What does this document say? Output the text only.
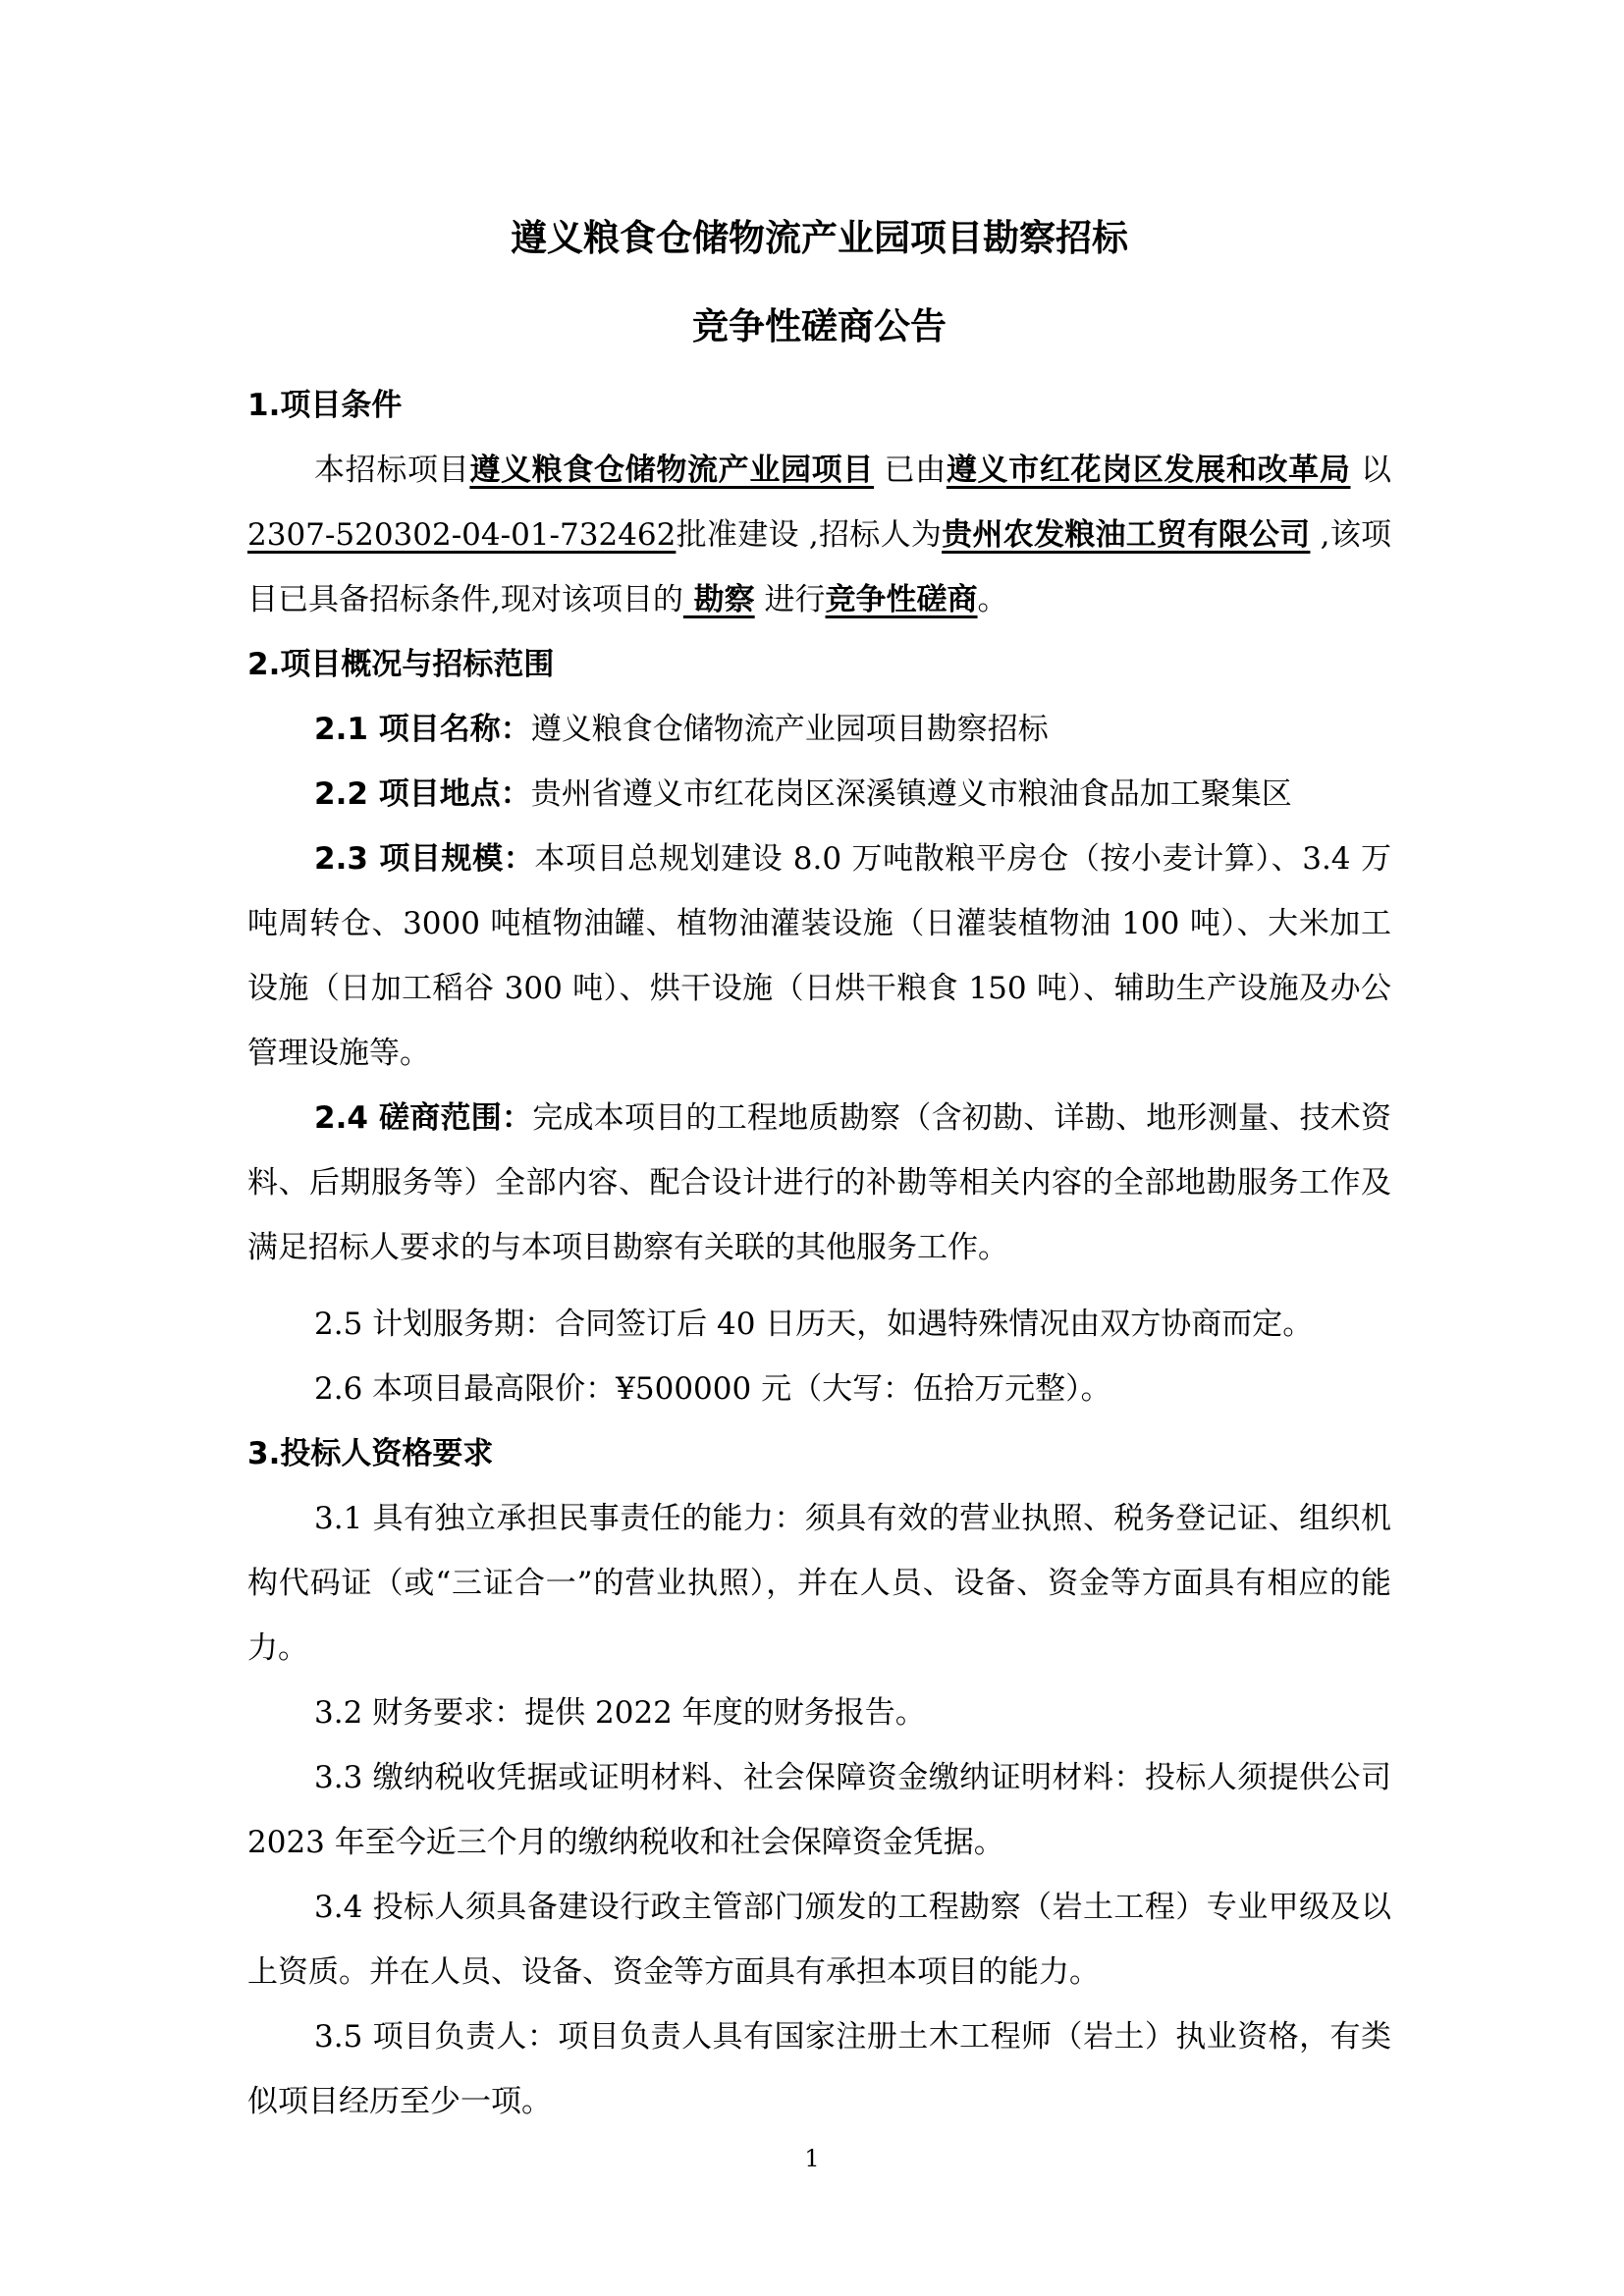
遵义粮食仓储物流产业园项目勘察招标
竞争性磋商公告
1.项目条件

本招标项目遵义粮食仓储物流产业园项目 已由遵义市红花岗区发展和改革局 以 2307-520302-04-01-732462批准建设 ,招标人为贵州农发粮油工贸有限公司 ,该项目已具备招标条件,现对该项目的 勘察 进行竞争性磋商。

2.项目概况与招标范围

2.1 项目名称：遵义粮食仓储物流产业园项目勘察招标

2.2 项目地点：贵州省遵义市红花岗区深溪镇遵义市粮油食品加工聚集区

2.3 项目规模：本项目总规划建设 8.0 万吨散粮平房仓（按小麦计算）、3.4 万吨周转仓、3000 吨植物油罐、植物油灌装设施（日灌装植物油 100 吨）、大米加工设施（日加工稻谷 300 吨）、烘干设施（日烘干粮食 150 吨）、辅助生产设施及办公管理设施等。

2.4 磋商范围：完成本项目的工程地质勘察（含初勘、详勘、地形测量、技术资料、后期服务等）全部内容、配合设计进行的补勘等相关内容的全部地勘服务工作及满足招标人要求的与本项目勘察有关联的其他服务工作。

2.5 计划服务期：合同签订后 40 日历天，如遇特殊情况由双方协商而定。

2.6 本项目最高限价：¥500000 元（大写：伍拾万元整）。

3.投标人资格要求

3.1 具有独立承担民事责任的能力：须具有效的营业执照、税务登记证、组织机构代码证（或“三证合一”的营业执照），并在人员、设备、资金等方面具有相应的能力。

3.2 财务要求：提供 2022 年度的财务报告。

3.3 缴纳税收凭据或证明材料、社会保障资金缴纳证明材料：投标人须提供公司 2023 年至今近三个月的缴纳税收和社会保障资金凭据。

3.4 投标人须具备建设行政主管部门颁发的工程勘察（岩土工程）专业甲级及以上资质。并在人员、设备、资金等方面具有承担本项目的能力。

3.5 项目负责人：项目负责人具有国家注册土木工程师（岩土）执业资格，有类似项目经历至少一项。

1
